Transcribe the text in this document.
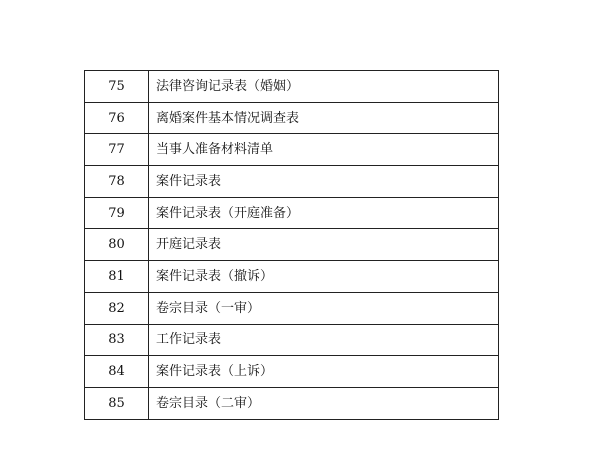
75	法律咨询记录表（婚姻）
76	离婚案件基本情况调查表
77	当事人准备材料清单
78	案件记录表
79	案件记录表（开庭准备）
80	开庭记录表
81	案件记录表（撤诉）
82	卷宗目录（一审）
83	工作记录表
84	案件记录表（上诉）
85	卷宗目录（二审）
